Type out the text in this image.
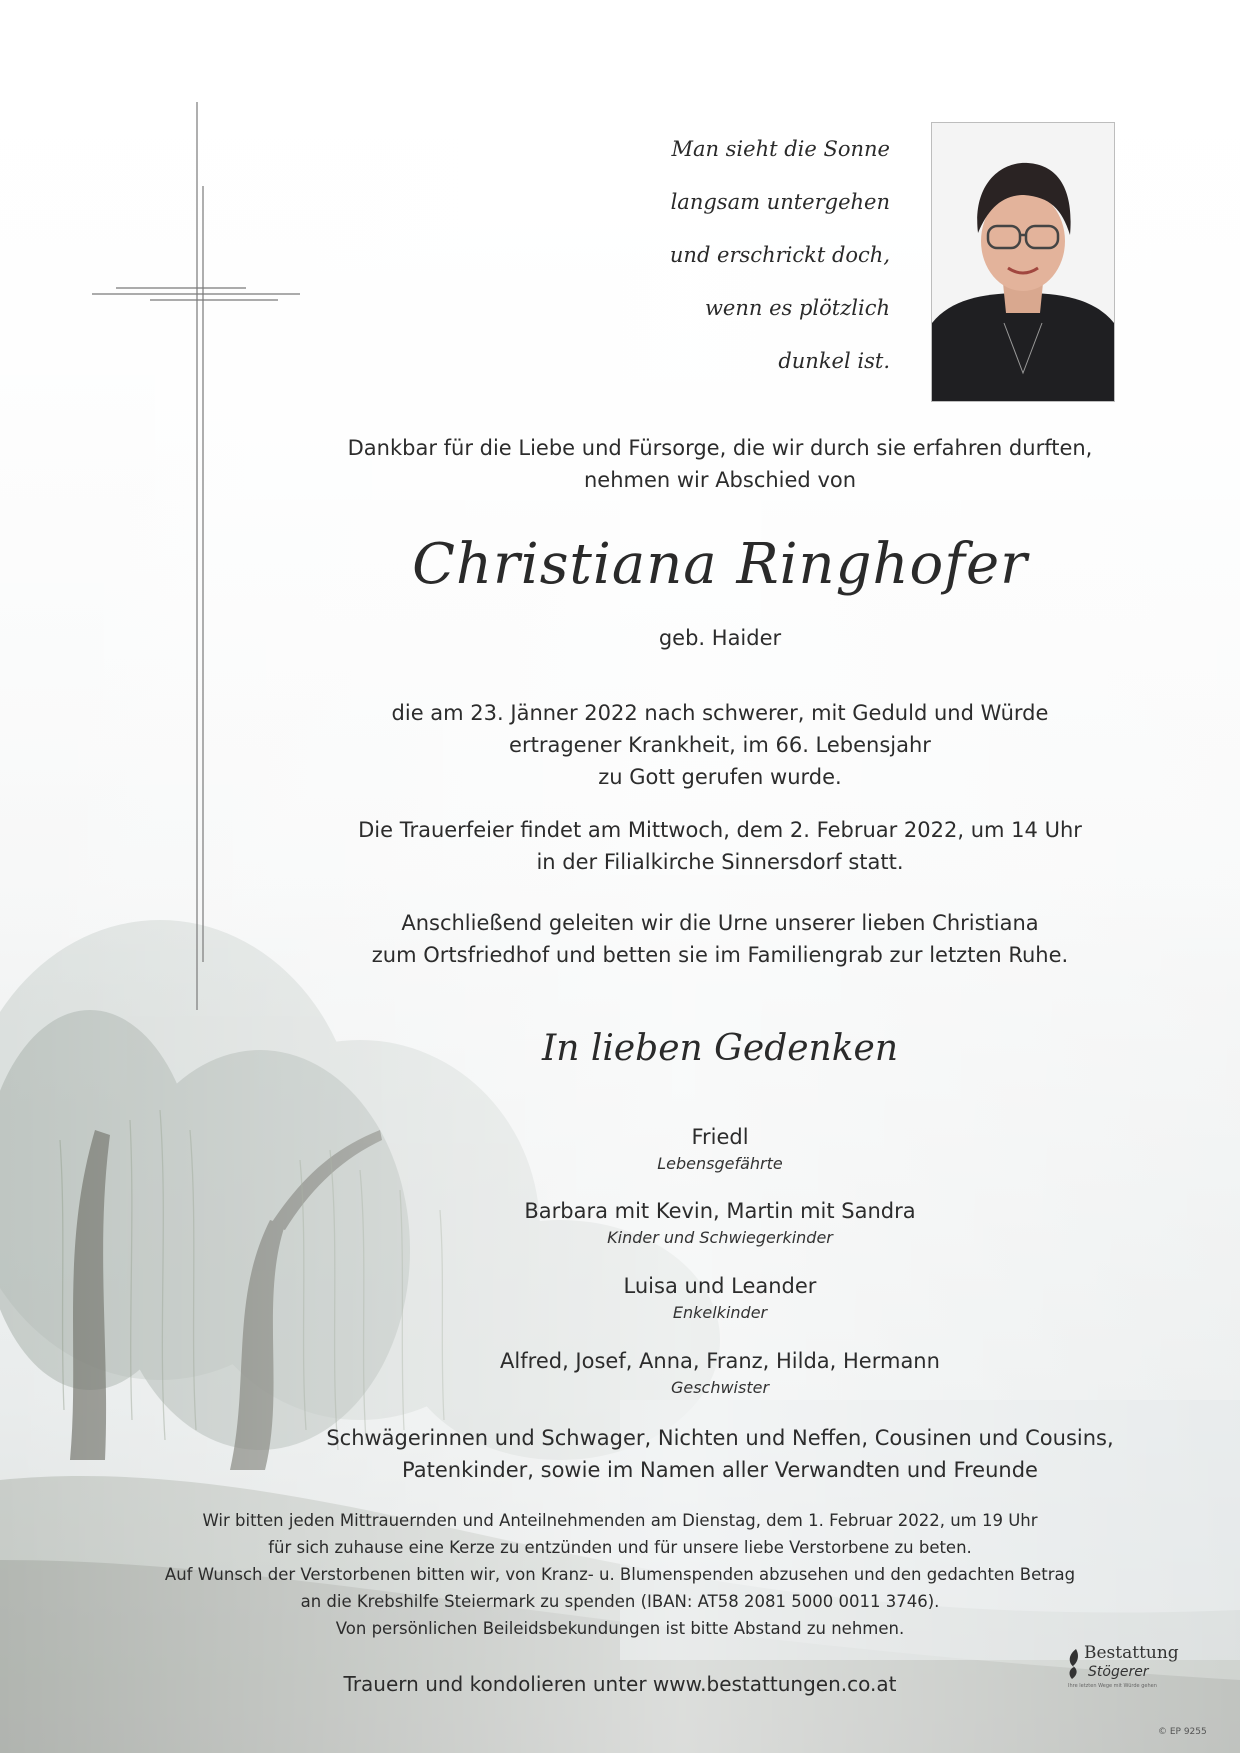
Man sieht die Sonne
langsam untergehen
und erschrickt doch,
wenn es plötzlich
dunkel ist.
Dankbar für die Liebe und Fürsorge, die wir durch sie erfahren durften,
nehmen wir Abschied von
Christiana Ringhofer
geb. Haider
die am 23. Jänner 2022 nach schwerer, mit Geduld und Würde
ertragener Krankheit, im 66. Lebensjahr
zu Gott gerufen wurde.
Die Trauerfeier findet am Mittwoch, dem 2. Februar 2022, um 14 Uhr
in der Filialkirche Sinnersdorf statt.
Anschließend geleiten wir die Urne unserer lieben Christiana
zum Ortsfriedhof und betten sie im Familiengrab zur letzten Ruhe.
In lieben Gedenken
Friedl
Lebensgefährte
Barbara mit Kevin, Martin mit Sandra
Kinder und Schwiegerkinder
Luisa und Leander
Enkelkinder
Alfred, Josef, Anna, Franz, Hilda, Hermann
Geschwister
Schwägerinnen und Schwager, Nichten und Neffen, Cousinen und Cousins,
Patenkinder, sowie im Namen aller Verwandten und Freunde
Wir bitten jeden Mittrauernden und Anteilnehmenden am Dienstag, dem 1. Februar 2022, um 19 Uhr
für sich zuhause eine Kerze zu entzünden und für unsere liebe Verstorbene zu beten.
Auf Wunsch der Verstorbenen bitten wir, von Kranz- u. Blumenspenden abzusehen und den gedachten Betrag
an die Krebshilfe Steiermark zu spenden (IBAN: AT58 2081 5000 0011 3746).
Von persönlichen Beileidsbekundungen ist bitte Abstand zu nehmen.
Trauern und kondolieren unter www.bestattungen.co.at
Bestattung
Stögerer
Ihre letzten Wege mit Würde gehen
© EP 9255
